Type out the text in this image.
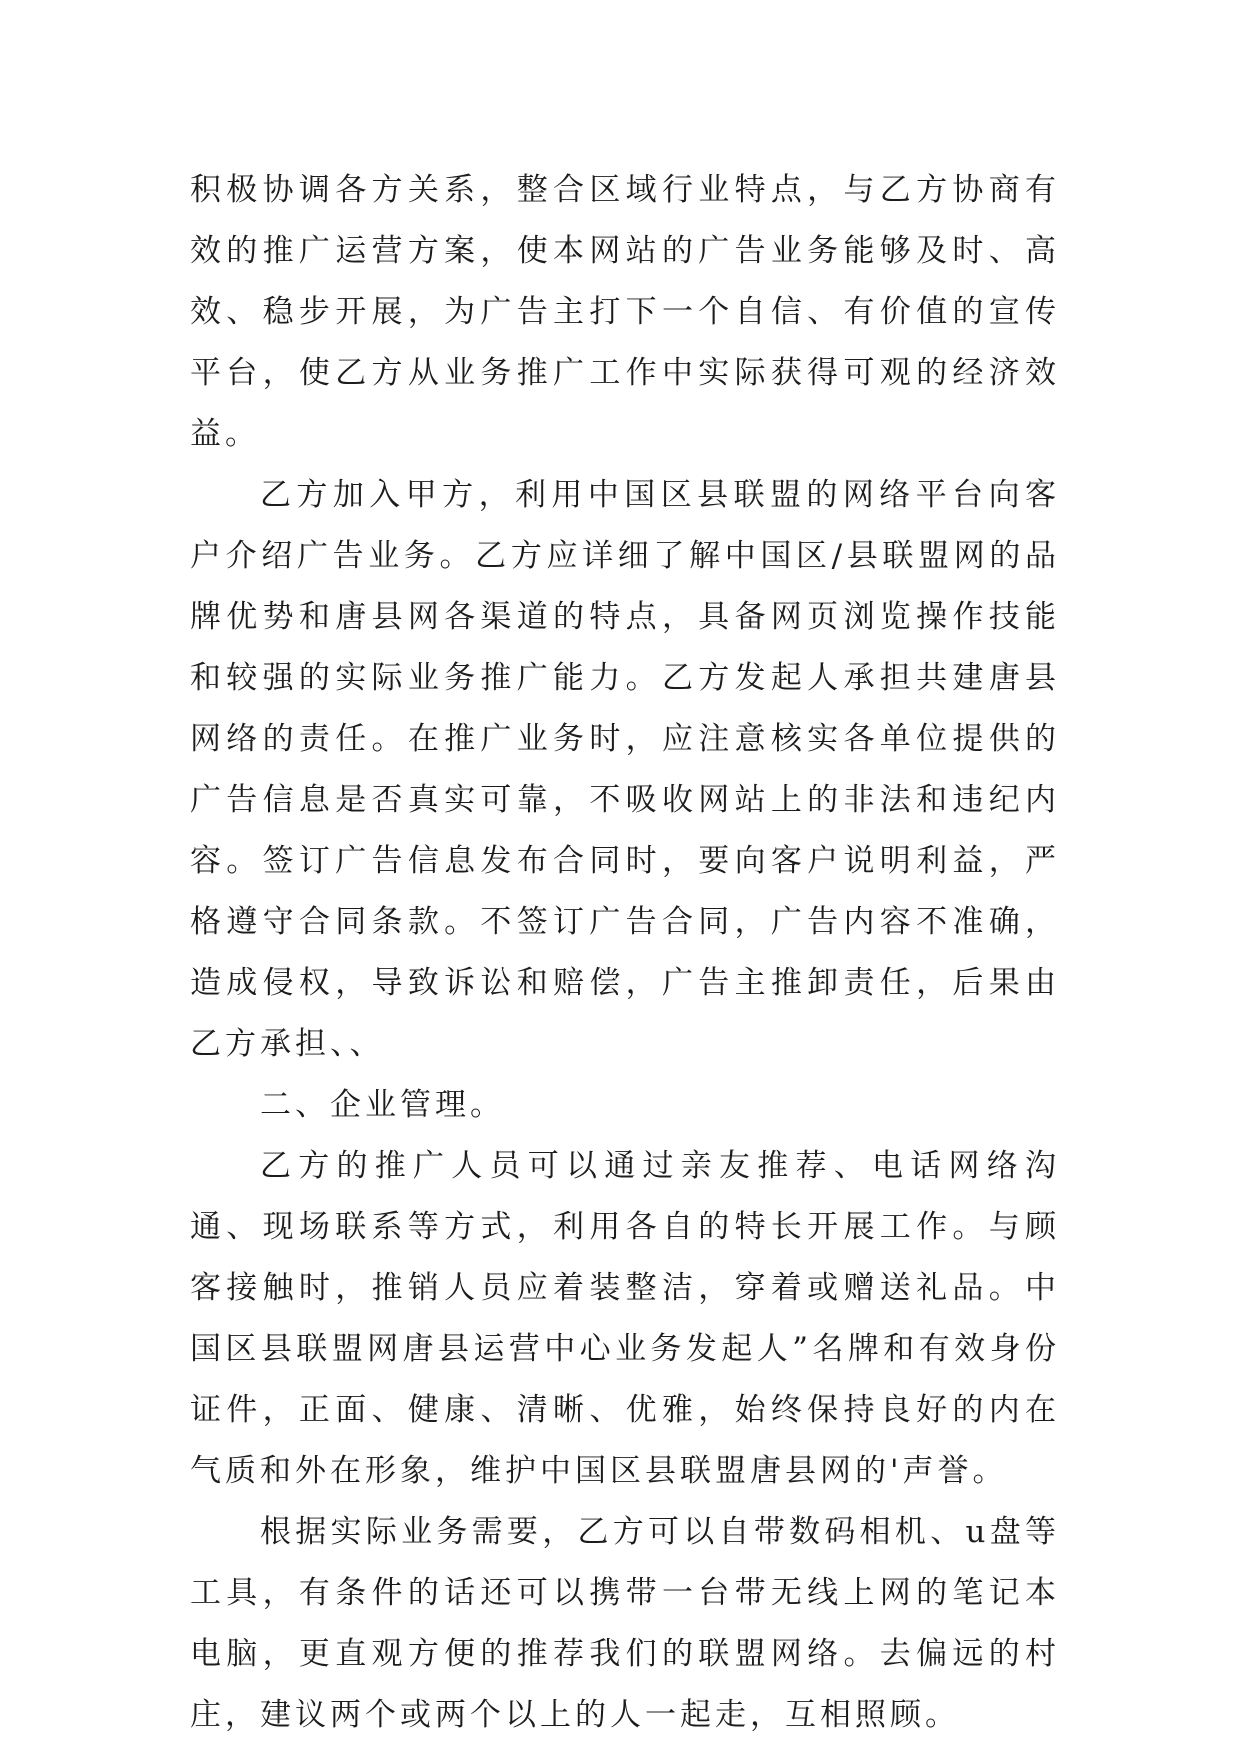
积极协调各方关系，整合区域行业特点，与乙方协商有效的推广运营方案，使本网站的广告业务能够及时、高效、稳步开展，为广告主打下一个自信、有价值的宣传平台，使乙方从业务推广工作中实际获得可观的经济效益。

乙方加入甲方，利用中国区县联盟的网络平台向客户介绍广告业务。乙方应详细了解中国区/县联盟网的品牌优势和唐县网各渠道的特点，具备网页浏览操作技能和较强的实际业务推广能力。乙方发起人承担共建唐县网络的责任。在推广业务时，应注意核实各单位提供的广告信息是否真实可靠，不吸收网站上的非法和违纪内容。签订广告信息发布合同时，要向客户说明利益，严格遵守合同条款。不签订广告合同，广告内容不准确，造成侵权，导致诉讼和赔偿，广告主推卸责任，后果由乙方承担、、

二、企业管理。

乙方的推广人员可以通过亲友推荐、电话网络沟通、现场联系等方式，利用各自的特长开展工作。与顾客接触时，推销人员应着装整洁，穿着或赠送礼品。中国区县联盟网唐县运营中心业务发起人”名牌和有效身份证件，正面、健康、清晰、优雅，始终保持良好的内在气质和外在形象，维护中国区县联盟唐县网的'声誉。

根据实际业务需要，乙方可以自带数码相机、u盘等工具，有条件的话还可以携带一台带无线上网的笔记本电脑，更直观方便的推荐我们的联盟网络。去偏远的村庄，建议两个或两个以上的人一起走，互相照顾。
